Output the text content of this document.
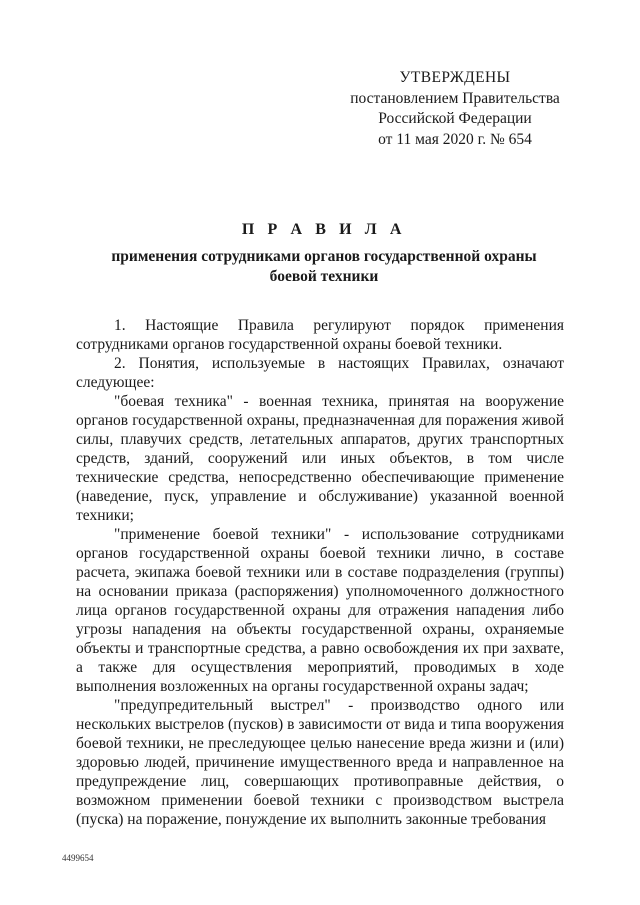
УТВЕРЖДЕНЫ
постановлением Правительства
Российской Федерации
от 11 мая 2020 г. № 654
П Р А В И Л А
применения сотрудниками органов государственной охраны
боевой техники

1. Настоящие Правила регулируют порядок применения сотрудниками органов государственной охраны боевой техники.

2. Понятия, используемые в настоящих Правилах, означают следующее:

"боевая техника" - военная техника, принятая на вооружение органов государственной охраны, предназначенная для поражения живой силы, плавучих средств, летательных аппаратов, других транспортных средств, зданий, сооружений или иных объектов, в том числе технические средства, непосредственно обеспечивающие применение (наведение, пуск, управление и обслуживание) указанной военной техники;

"применение боевой техники" - использование сотрудниками органов государственной охраны боевой техники лично, в составе расчета, экипажа боевой техники или в составе подразделения (группы) на основании приказа (распоряжения) уполномоченного должностного лица органов государственной охраны для отражения нападения либо угрозы нападения на объекты государственной охраны, охраняемые объекты и транспортные средства, а равно освобождения их при захвате, а также для осуществления мероприятий, проводимых в ходе выполнения возложенных на органы государственной охраны задач;

"предупредительный выстрел" - производство одного или нескольких выстрелов (пусков) в зависимости от вида и типа вооружения боевой техники, не преследующее целью нанесение вреда жизни и (или) здоровью людей, причинение имущественного вреда и направленное на предупреждение лиц, совершающих противоправные действия, о возможном применении боевой техники с производством выстрела (пуска) на поражение, понуждение их выполнить законные требования

4499654
